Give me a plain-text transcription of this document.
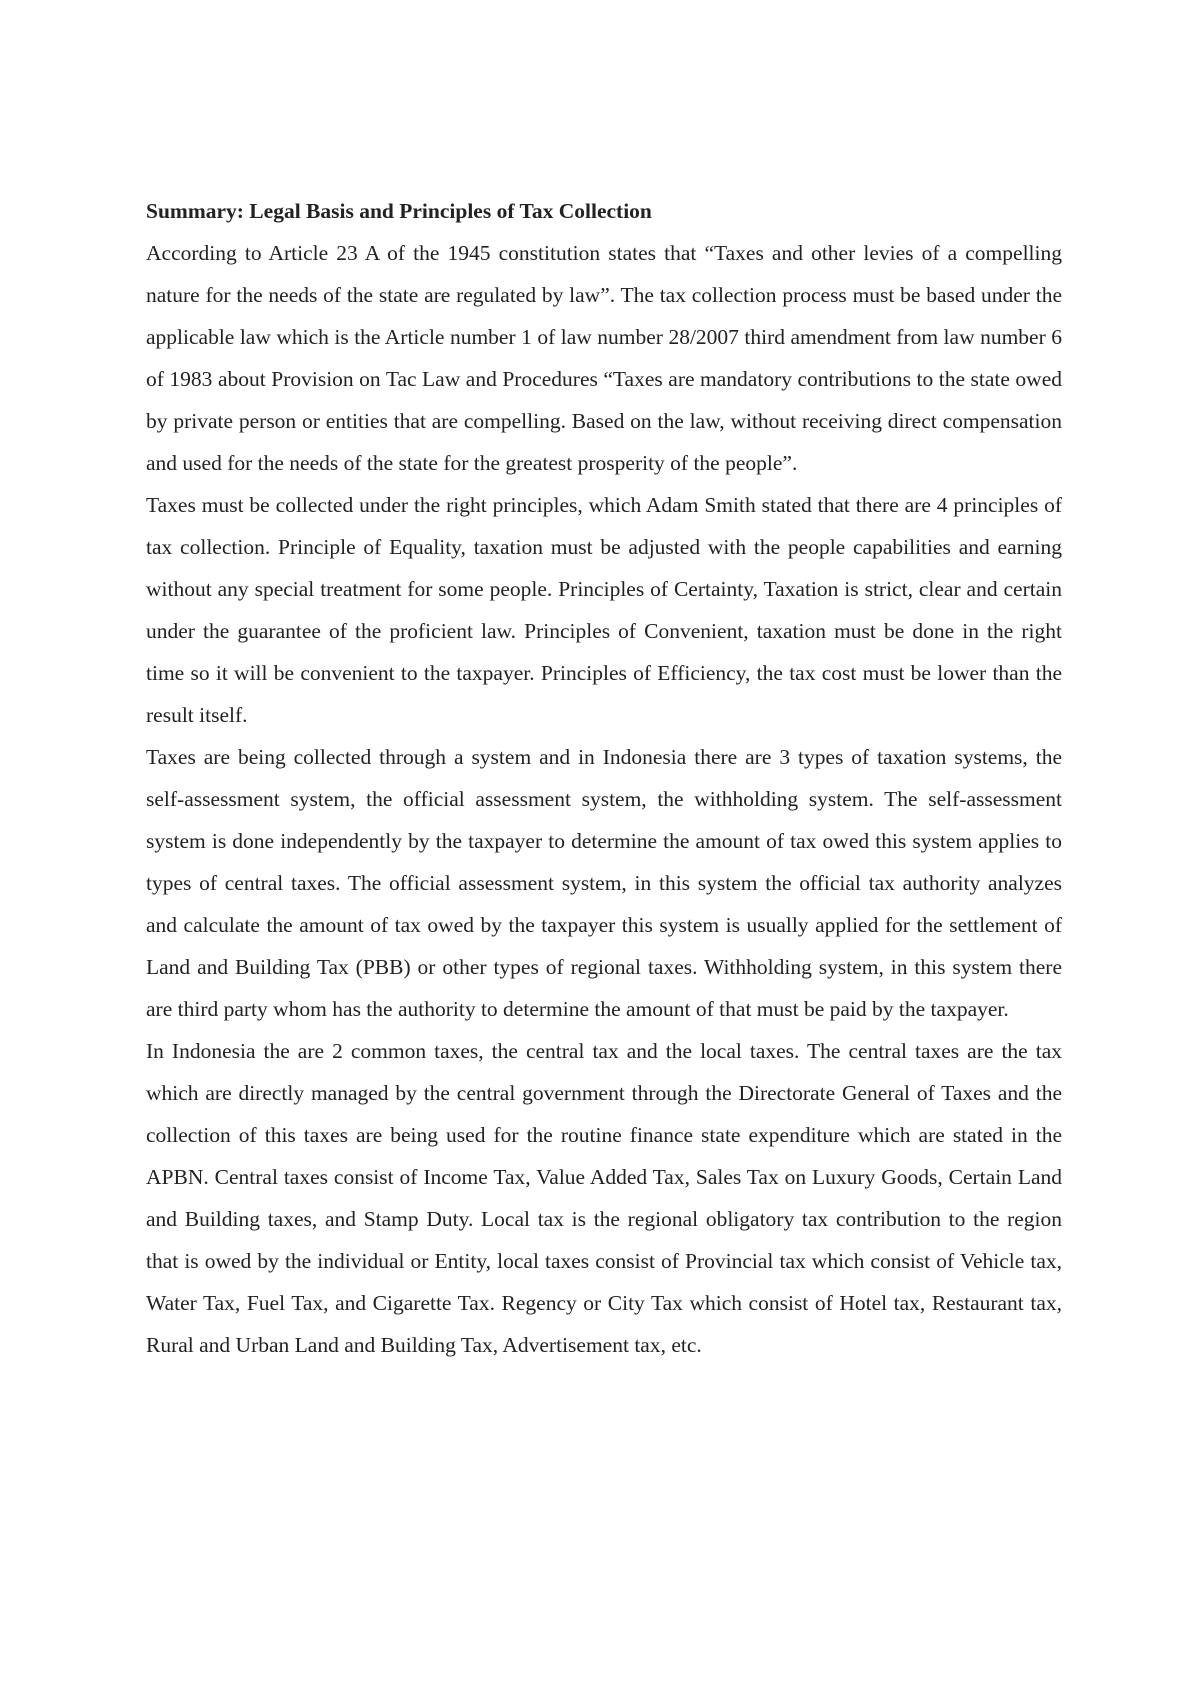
Summary: Legal Basis and Principles of Tax Collection

According to Article 23 A of the 1945 constitution states that “Taxes and other levies of a compelling nature for the needs of the state are regulated by law”. The tax collection process must be based under the applicable law which is the Article number 1 of law number 28/2007 third amendment from law number 6 of 1983 about Provision on Tac Law and Procedures “Taxes are mandatory contributions to the state owed by private person or entities that are compelling. Based on the law, without receiving direct compensation and used for the needs of the state for the greatest prosperity of the people”.

Taxes must be collected under the right principles, which Adam Smith stated that there are 4 principles of tax collection. Principle of Equality, taxation must be adjusted with the people capabilities and earning without any special treatment for some people. Principles of Certainty, Taxation is strict, clear and certain under the guarantee of the proficient law. Principles of Convenient, taxation must be done in the right time so it will be convenient to the taxpayer. Principles of Efficiency, the tax cost must be lower than the result itself.

Taxes are being collected through a system and in Indonesia there are 3 types of taxation systems, the self-assessment system, the official assessment system, the withholding system. The self-assessment system is done independently by the taxpayer to determine the amount of tax owed this system applies to types of central taxes. The official assessment system, in this system the official tax authority analyzes and calculate the amount of tax owed by the taxpayer this system is usually applied for the settlement of Land and Building Tax (PBB) or other types of regional taxes. Withholding system, in this system there are third party whom has the authority to determine the amount of that must be paid by the taxpayer.

In Indonesia the are 2 common taxes, the central tax and the local taxes. The central taxes are the tax which are directly managed by the central government through the Directorate General of Taxes and the collection of this taxes are being used for the routine finance state expenditure which are stated in the APBN. Central taxes consist of Income Tax, Value Added Tax, Sales Tax on Luxury Goods, Certain Land and Building taxes, and Stamp Duty. Local tax is the regional obligatory tax contribution to the region that is owed by the individual or Entity, local taxes consist of Provincial tax which consist of Vehicle tax, Water Tax, Fuel Tax, and Cigarette Tax. Regency or City Tax which consist of Hotel tax, Restaurant tax, Rural and Urban Land and Building Tax, Advertisement tax, etc.
